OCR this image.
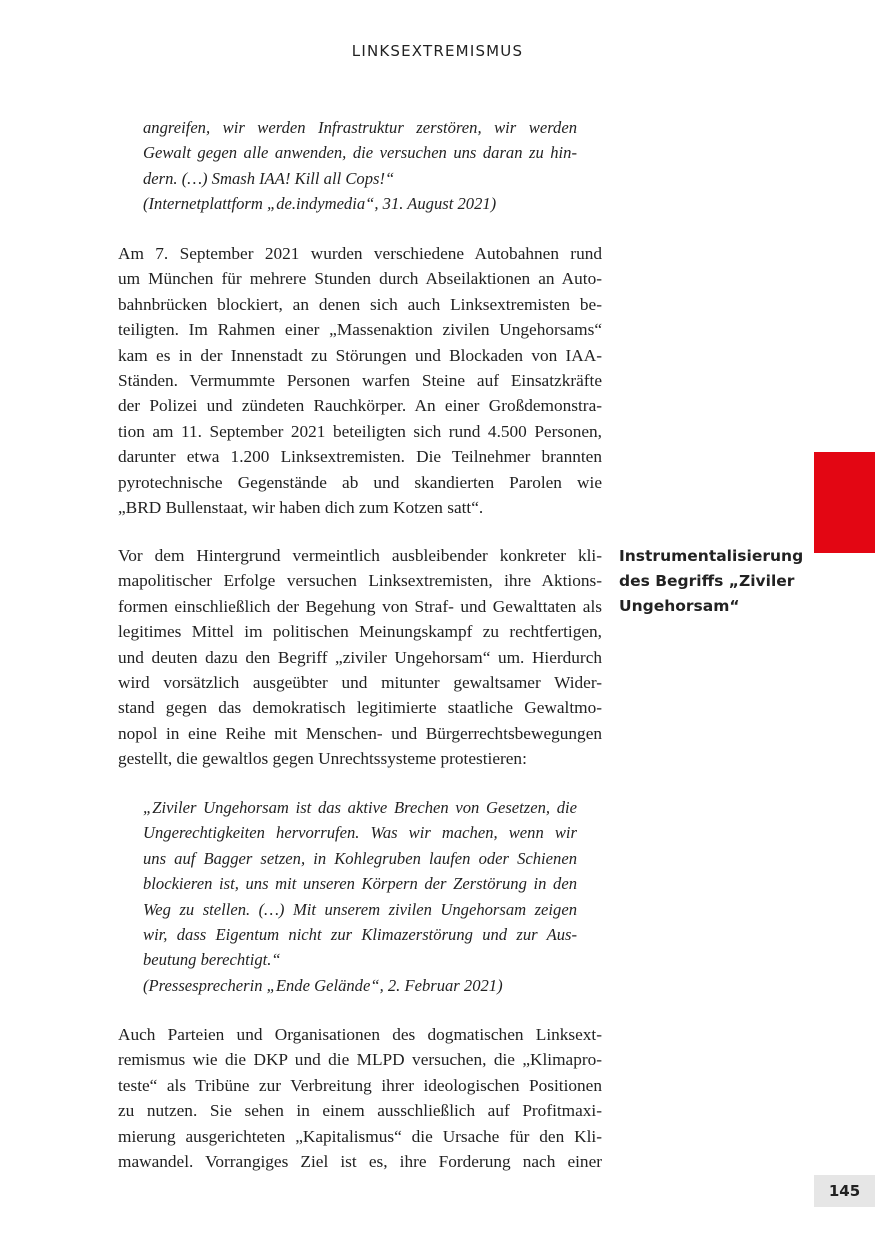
LINKSEXTREMISMUS
angreifen, wir werden Infrastruktur zerstören, wir werden
Gewalt gegen alle anwenden, die versuchen uns daran zu hin-
dern. (…) Smash IAA! Kill all Cops!“
(Internetplattform „de.indymedia“, 31. August 2021)
Am 7. September 2021 wurden verschiedene Autobahnen rund
um München für mehrere Stunden durch Abseilaktionen an Auto-
bahnbrücken blockiert, an denen sich auch Linksextremisten be-
teiligten. Im Rahmen einer „Massenaktion zivilen Ungehorsams“
kam es in der Innenstadt zu Störungen und Blockaden von IAA-
Ständen. Vermummte Personen warfen Steine auf Einsatzkräfte
der Polizei und zündeten Rauchkörper. An einer Großdemonstra-
tion am 11. September 2021 beteiligten sich rund 4.500 Personen,
darunter etwa 1.200 Linksextremisten. Die Teilnehmer brannten
pyrotechnische Gegenstände ab und skandierten Parolen wie
„BRD Bullenstaat, wir haben dich zum Kotzen satt“.
Vor dem Hintergrund vermeintlich ausbleibender konkreter kli-
mapolitischer Erfolge versuchen Linksextremisten, ihre Aktions-
formen einschließlich der Begehung von Straf- und Gewalttaten als
legitimes Mittel im politischen Meinungskampf zu rechtfertigen,
und deuten dazu den Begriff „ziviler Ungehorsam“ um. Hierdurch
wird vorsätzlich ausgeübter und mitunter gewaltsamer Wider-
stand gegen das demokratisch legitimierte staatliche Gewaltmo-
nopol in eine Reihe mit Menschen- und Bürgerrechtsbewegungen
gestellt, die gewaltlos gegen Unrechtssysteme protestieren:
Instrumentalisierung
des Begriffs „Ziviler
Ungehorsam“
„Ziviler Ungehorsam ist das aktive Brechen von Gesetzen, die
Ungerechtigkeiten hervorrufen. Was wir machen, wenn wir
uns auf Bagger setzen, in Kohlegruben laufen oder Schienen
blockieren ist, uns mit unseren Körpern der Zerstörung in den
Weg zu stellen. (…) Mit unserem zivilen Ungehorsam zeigen
wir, dass Eigentum nicht zur Klimazerstörung und zur Aus-
beutung berechtigt.“
(Pressesprecherin „Ende Gelände“, 2. Februar 2021)
Auch Parteien und Organisationen des dogmatischen Linksext-
remismus wie die DKP und die MLPD versuchen, die „Klimapro-
teste“ als Tribüne zur Verbreitung ihrer ideologischen Positionen
zu nutzen. Sie sehen in einem ausschließlich auf Profitmaxi-
mierung ausgerichteten „Kapitalismus“ die Ursache für den Kli-
mawandel. Vorrangiges Ziel ist es, ihre Forderung nach einer
145
